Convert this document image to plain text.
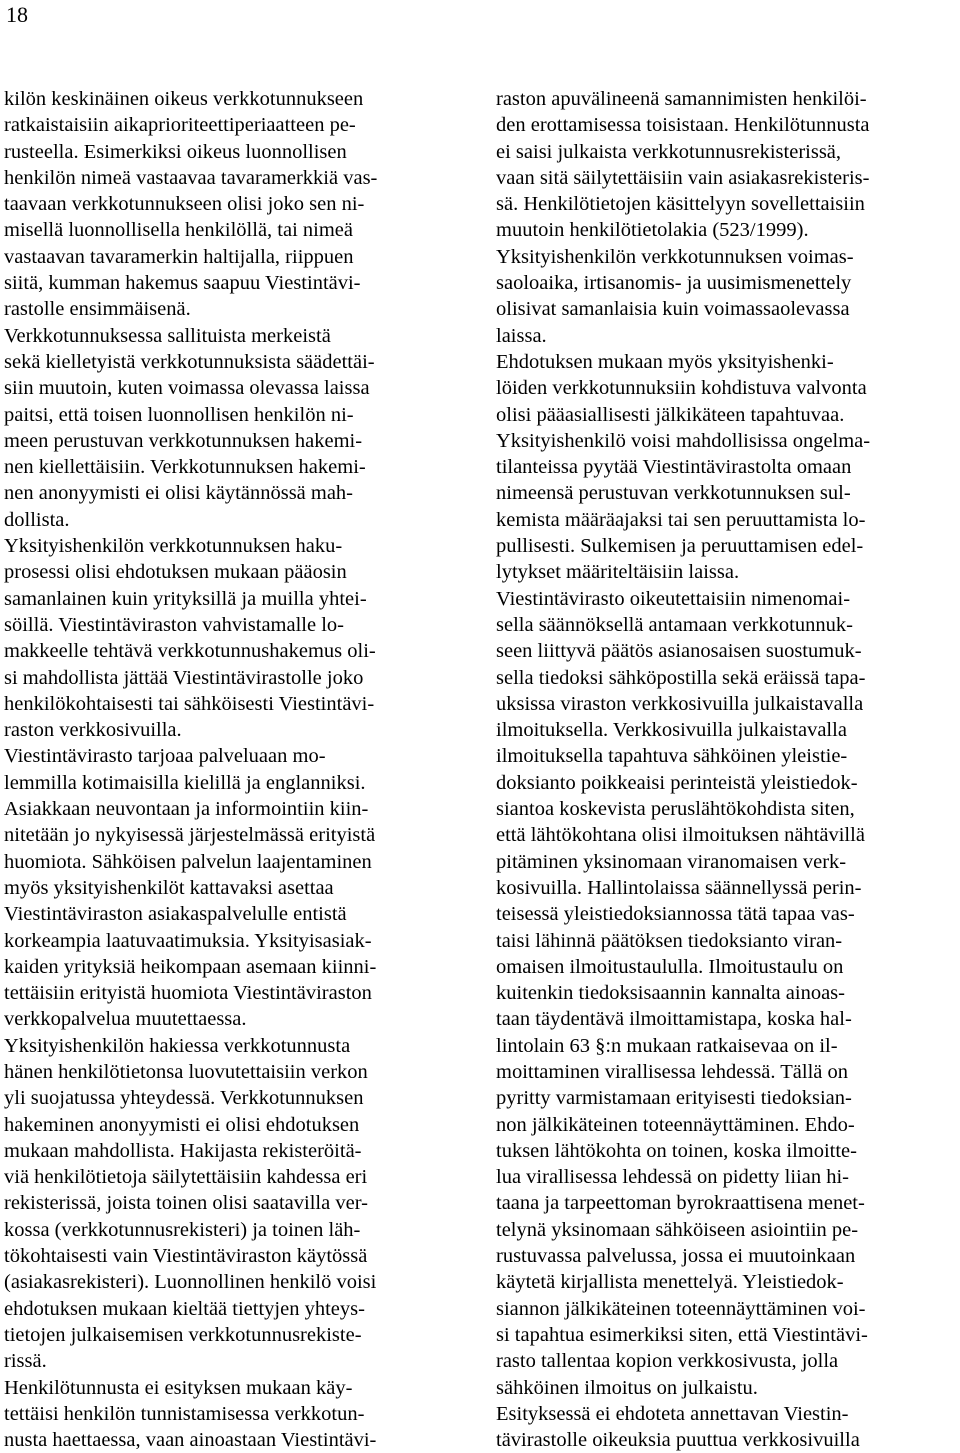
18
kilön keskinäinen oikeus verkkotunnukseen
ratkaistaisiin aikaprioriteettiperiaatteen pe-
rusteella. Esimerkiksi oikeus luonnollisen
henkilön nimeä vastaavaa tavaramerkkiä vas-
taavaan verkkotunnukseen olisi joko sen ni-
misellä luonnollisella henkilöllä, tai nimeä
vastaavan tavaramerkin haltijalla, riippuen
siitä, kumman hakemus saapuu Viestintävi-
rastolle ensimmäisenä.
Verkkotunnuksessa sallituista merkeistä
sekä kielletyistä verkkotunnuksista säädettäi-
siin muutoin, kuten voimassa olevassa laissa
paitsi, että toisen luonnollisen henkilön ni-
meen perustuvan verkkotunnuksen hakemi-
nen kiellettäisiin. Verkkotunnuksen hakemi-
nen anonyymisti ei olisi käytännössä mah-
dollista.
Yksityishenkilön verkkotunnuksen haku-
prosessi olisi ehdotuksen mukaan pääosin
samanlainen kuin yrityksillä ja muilla yhtei-
söillä. Viestintäviraston vahvistamalle lo-
makkeelle tehtävä verkkotunnushakemus oli-
si mahdollista jättää Viestintävirastolle joko
henkilökohtaisesti tai sähköisesti Viestintävi-
raston verkkosivuilla.
Viestintävirasto tarjoaa palveluaan mo-
lemmilla kotimaisilla kielillä ja englanniksi.
Asiakkaan neuvontaan ja informointiin kiin-
nitetään jo nykyisessä järjestelmässä erityistä
huomiota. Sähköisen palvelun laajentaminen
myös yksityishenkilöt kattavaksi asettaa
Viestintäviraston asiakaspalvelulle entistä
korkeampia laatuvaatimuksia. Yksityisasiak-
kaiden yrityksiä heikompaan asemaan kiinni-
tettäisiin erityistä huomiota Viestintäviraston
verkkopalvelua muutettaessa.
Yksityishenkilön hakiessa verkkotunnusta
hänen henkilötietonsa luovutettaisiin verkon
yli suojatussa yhteydessä. Verkkotunnuksen
hakeminen anonyymisti ei olisi ehdotuksen
mukaan mahdollista. Hakijasta rekisteröitä-
viä henkilötietoja säilytettäisiin kahdessa eri
rekisterissä, joista toinen olisi saatavilla ver-
kossa (verkkotunnusrekisteri) ja toinen läh-
tökohtaisesti vain Viestintäviraston käytössä
(asiakasrekisteri). Luonnollinen henkilö voisi
ehdotuksen mukaan kieltää tiettyjen yhteys-
tietojen julkaisemisen verkkotunnusrekiste-
rissä.
Henkilötunnusta ei esityksen mukaan käy-
tettäisi henkilön tunnistamisessa verkkotun-
nusta haettaessa, vaan ainoastaan Viestintävi-
raston apuvälineenä samannimisten henkilöi-
den erottamisessa toisistaan. Henkilötunnusta
ei saisi julkaista verkkotunnusrekisterissä,
vaan sitä säilytettäisiin vain asiakasrekisteris-
sä. Henkilötietojen käsittelyyn sovellettaisiin
muutoin henkilötietolakia (523/1999).
Yksityishenkilön verkkotunnuksen voimas-
saoloaika, irtisanomis- ja uusimismenettely
olisivat samanlaisia kuin voimassaolevassa
laissa.
Ehdotuksen mukaan myös yksityishenki-
löiden verkkotunnuksiin kohdistuva valvonta
olisi pääasiallisesti jälkikäteen tapahtuvaa.
Yksityishenkilö voisi mahdollisissa ongelma-
tilanteissa pyytää Viestintävirastolta omaan
nimeensä perustuvan verkkotunnuksen sul-
kemista määräajaksi tai sen peruuttamista lo-
pullisesti. Sulkemisen ja peruuttamisen edel-
lytykset määriteltäisiin laissa.
Viestintävirasto oikeutettaisiin nimenomai-
sella säännöksellä antamaan verkkotunnuk-
seen liittyvä päätös asianosaisen suostumuk-
sella tiedoksi sähköpostilla sekä eräissä tapa-
uksissa viraston verkkosivuilla julkaistavalla
ilmoituksella. Verkkosivuilla julkaistavalla
ilmoituksella tapahtuva sähköinen yleistie-
doksianto poikkeaisi perinteistä yleistiedok-
siantoa koskevista peruslähtökohdista siten,
että lähtökohtana olisi ilmoituksen nähtävillä
pitäminen yksinomaan viranomaisen verk-
kosivuilla. Hallintolaissa säännellyssä perin-
teisessä yleistiedoksiannossa tätä tapaa vas-
taisi lähinnä päätöksen tiedoksianto viran-
omaisen ilmoitustaululla. Ilmoitustaulu on
kuitenkin tiedoksisaannin kannalta ainoas-
taan täydentävä ilmoittamistapa, koska hal-
lintolain 63 §:n mukaan ratkaisevaa on il-
moittaminen virallisessa lehdessä. Tällä on
pyritty varmistamaan erityisesti tiedoksian-
non jälkikäteinen toteennäyttäminen. Ehdo-
tuksen lähtökohta on toinen, koska ilmoitte-
lua virallisessa lehdessä on pidetty liian hi-
taana ja tarpeettoman byrokraattisena menet-
telynä yksinomaan sähköiseen asiointiin pe-
rustuvassa palvelussa, jossa ei muutoinkaan
käytetä kirjallista menettelyä. Yleistiedok-
siannon jälkikäteinen toteennäyttäminen voi-
si tapahtua esimerkiksi siten, että Viestintävi-
rasto tallentaa kopion verkkosivusta, jolla
sähköinen ilmoitus on julkaistu.
Esityksessä ei ehdoteta annettavan Viestin-
tävirastolle oikeuksia puuttua verkkosivuilla
